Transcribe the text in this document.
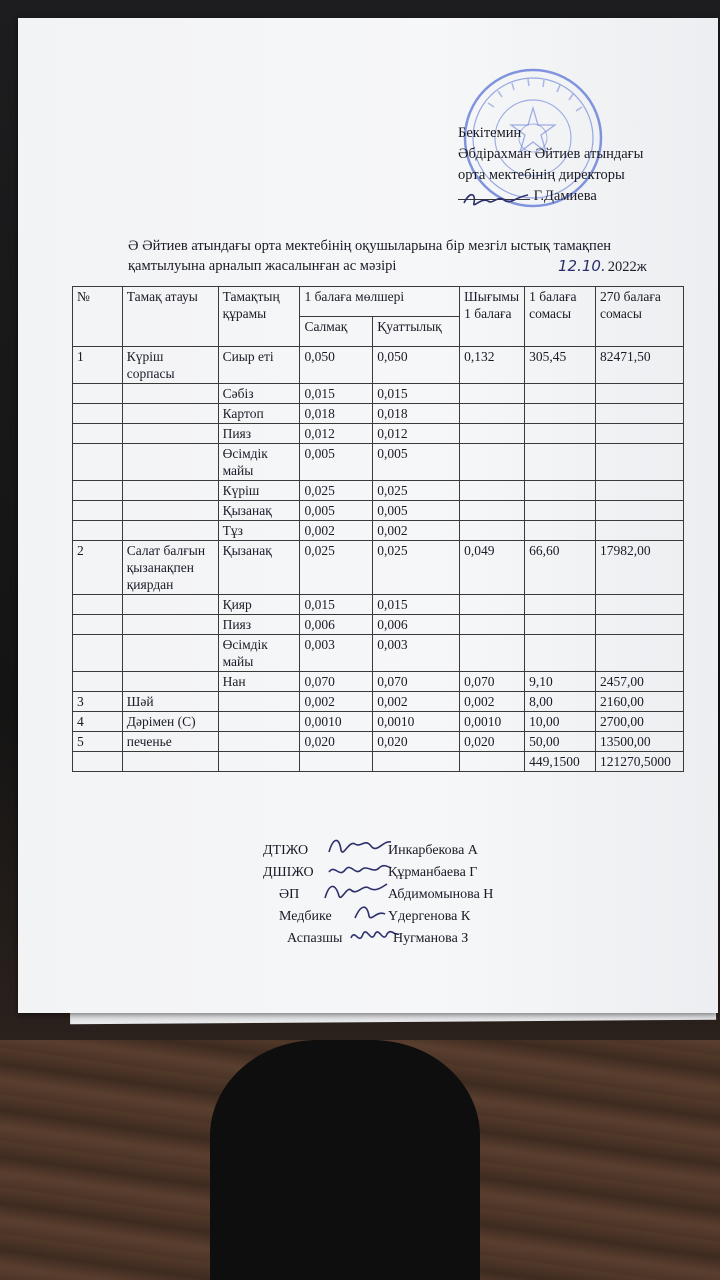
Бекітемин
Әбдірахман Әйтиев атындағы
орта мектебінің директоры
Г.Дамиева
Ә Әйтиев атындағы орта мектебінің оқушыларына бір мезгіл ыстық тамақпен
қамтылуына арналып жасалынған ас мәзірі	12.10. 2022ж
№	Тамақ атауы	Тамақтың құрамы	1 балаға мөлшері		Шығымы 1 балаға	1 балаға сомасы	270 балаға сомасы
			Салмақ	Қуаттылық			
1	Күріш сорпасы	Сиыр еті	0,050	0,050	0,132	305,45	82471,50
		Сәбіз	0,015	0,015			
		Картоп	0,018	0,018			
		Пияз	0,012	0,012			
		Өсімдік майы	0,005	0,005			
		Күріш	0,025	0,025			
		Қызанақ	0,005	0,005			
		Тұз	0,002	0,002			
2	Салат балғын қызанақпен қиярдан	Қызанақ	0,025	0,025	0,049	66,60	17982,00
		Қияр	0,015	0,015			
		Пияз	0,006	0,006			
		Өсімдік майы	0,003	0,003			
		Нан	0,070	0,070	0,070	9,10	2457,00
3	Шәй		0,002	0,002	0,002	8,00	2160,00
4	Дәрімен (С)		0,0010	0,0010	0,0010	10,00	2700,00
5	печенье		0,020	0,020	0,020	50,00	13500,00
						449,1500	121270,5000
ДТІЖО	Инкарбекова А
ДШІЖО	Құрманбаева Г
ӘП	Абдимомынова Н
Медбике	Үдергенова К
Аспазшы	Нугманова З
